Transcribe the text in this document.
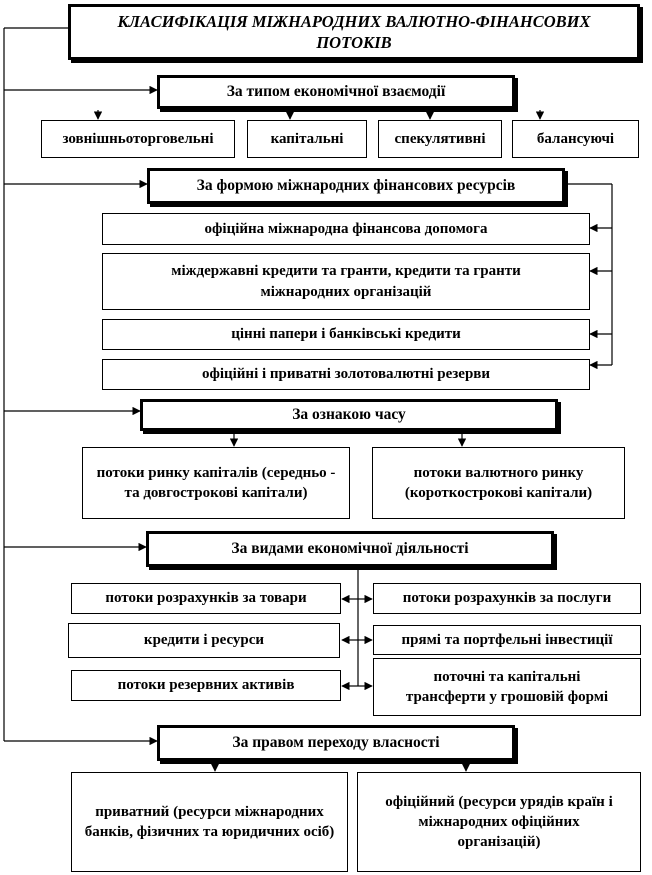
КЛАСИФІКАЦІЯ МІЖНАРОДНИХ ВАЛЮТНО-ФІНАНСОВИХ ПОТОКІВ
За типом економічної взаємодії
зовнішньоторговельні	капітальні	спекулятивні	балансуючі
За формою міжнародних фінансових ресурсів
офіційна міжнародна фінансова допомога
міждержавні кредити та гранти, кредити та гранти міжнародних організацій
цінні папери і банківські кредити
офіційні і приватні золотовалютні резерви
За ознакою часу
потоки ринку капіталів (середньо - та довгострокові капітали)
потоки валютного ринку (короткострокові капітали)
За видами економічної діяльності
потоки розрахунків за товари	потоки розрахунків за послуги
кредити і ресурси	прямі та портфельні інвестиції
потоки резервних активів
поточні та капітальні трансферти у грошовій формі
За правом переходу власності
приватний (ресурси міжнародних банків, фізичних та юридичних осіб)
офіційний (ресурси урядів країн і міжнародних офіційних організацій)
